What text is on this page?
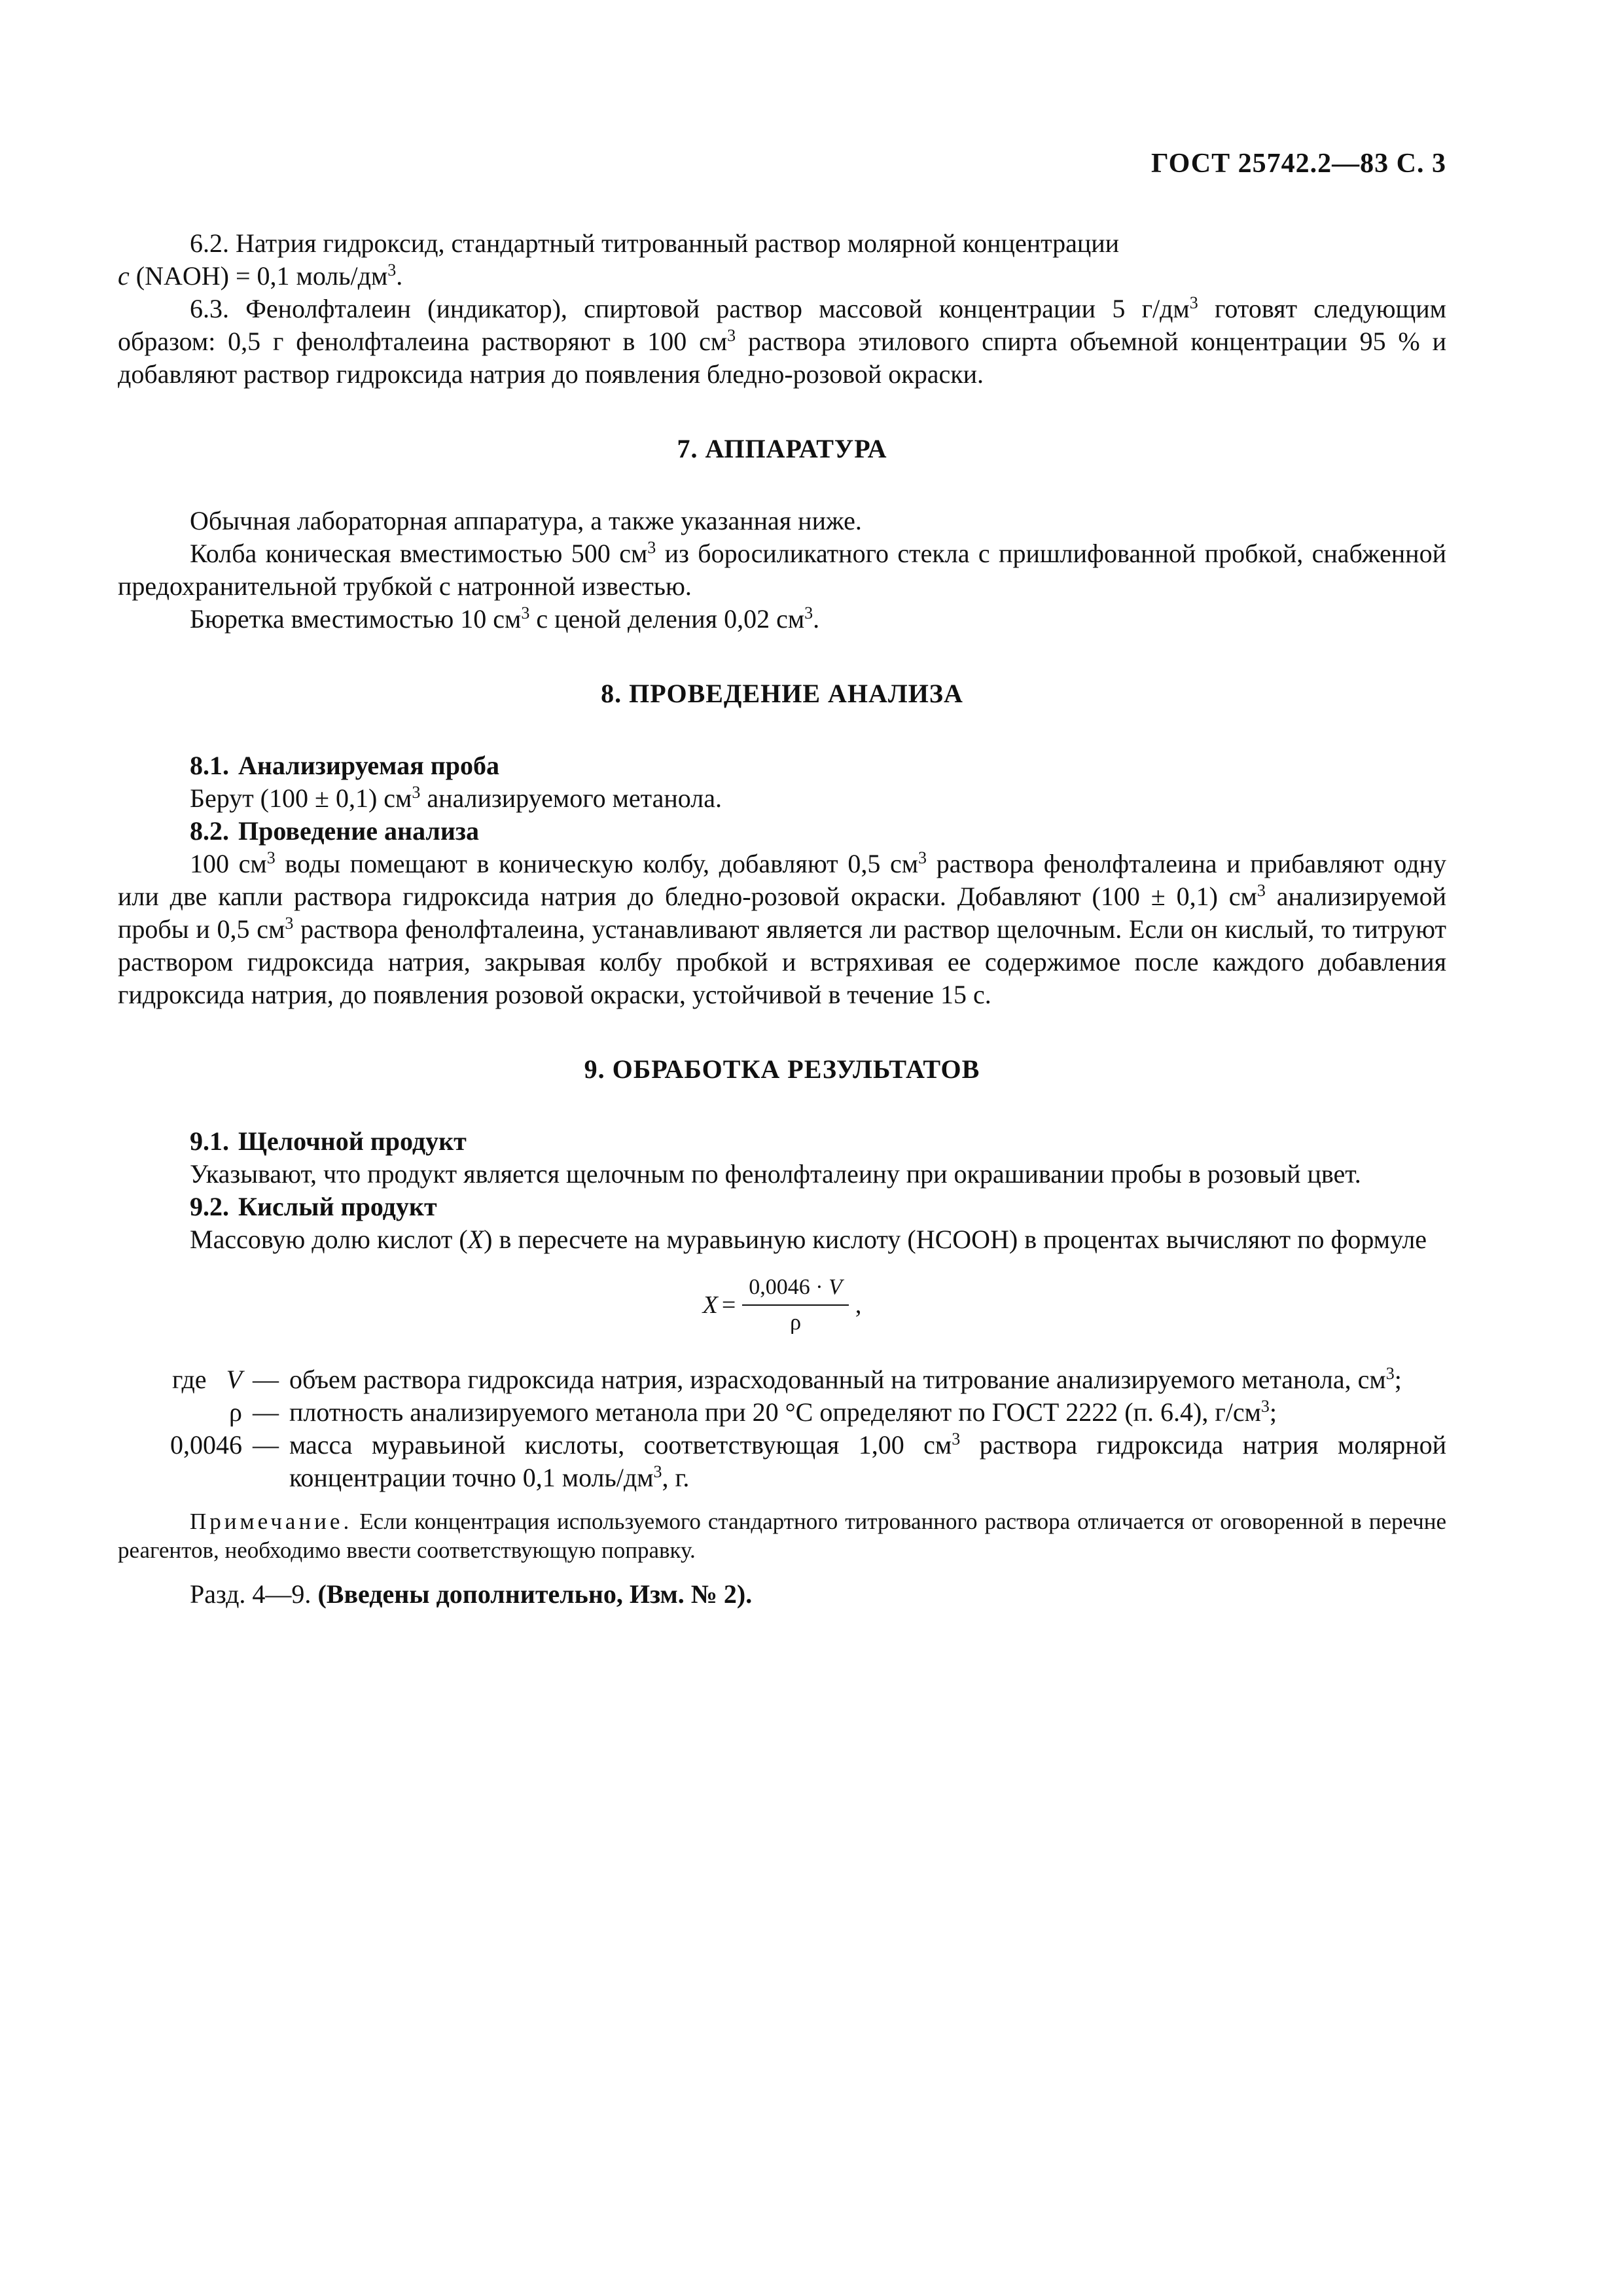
ГОСТ 25742.2—83 С. 3

6.2. Натрия гидроксид, стандартный титрованный раствор молярной концентрации
c (NAOH) = 0,1 моль/$дм^3$.

6.3. Фенолфталеин (индикатор), спиртовой раствор массовой концентрации 5 $г/дм^3$ готовят следующим образом: 0,5 г фенолфталеина растворяют в 100 $см^3$ раствора этилового спирта объемной концентрации 95 % и добавляют раствор гидроксида натрия до появления бледно-розовой окраски.

7. АППАРАТУРА

Обычная лабораторная аппаратура, а также указанная ниже.

Колба коническая вместимостью 500 $см^3$ из боросиликатного стекла с пришлифованной пробкой, снабженной предохранительной трубкой с натронной известью.

Бюретка вместимостью 10 $см^3$ с ценой деления 0,02 $см^3$.

8. ПРОВЕДЕНИЕ АНАЛИЗА

8.1. Анализируемая проба

Берут (100 ± 0,1) $см^3$ анализируемого метанола.

8.2. Проведение анализа

100 $см^3$ воды помещают в коническую колбу, добавляют 0,5 $см^3$ раствора фенолфталеина и прибавляют одну или две капли раствора гидроксида натрия до бледно-розовой окраски. Добавляют (100 ± 0,1) $см^3$ анализируемой пробы и 0,5 $см^3$ раствора фенолфталеина, устанавливают является ли раствор щелочным. Если он кислый, то титруют раствором гидроксида натрия, закрывая колбу пробкой и встряхивая ее содержимое после каждого добавления гидроксида натрия, до появления розовой окраски, устойчивой в течение 15 с.

9. ОБРАБОТКА РЕЗУЛЬТАТОВ

9.1. Щелочной продукт

Указывают, что продукт является щелочным по фенолфталеину при окрашивании пробы в розовый цвет.

9.2. Кислый продукт

Массовую долю кислот (X) в пересчете на муравьиную кислоту (HCOOH) в процентах вычисляют по формуле

$X = \frac{0,0046 \cdot V}{\rho}$ ,
где V — объем раствора гидроксида натрия, израсходованный на титрование анализируемого метанола, $см^3$;
ρ — плотность анализируемого метанола при 20 °С определяют по ГОСТ 2222 (п. 6.4), $г/см^3$;
0,0046 — масса муравьиной кислоты, соответствующая 1,00 $см^3$ раствора гидроксида натрия молярной концентрации точно 0,1 моль/$дм^3$, г.

Примечание. Если концентрация используемого стандартного титрованного раствора отличается от оговоренной в перечне реагентов, необходимо ввести соответствующую поправку.

Разд. 4—9. (Введены дополнительно, Изм. № 2).
